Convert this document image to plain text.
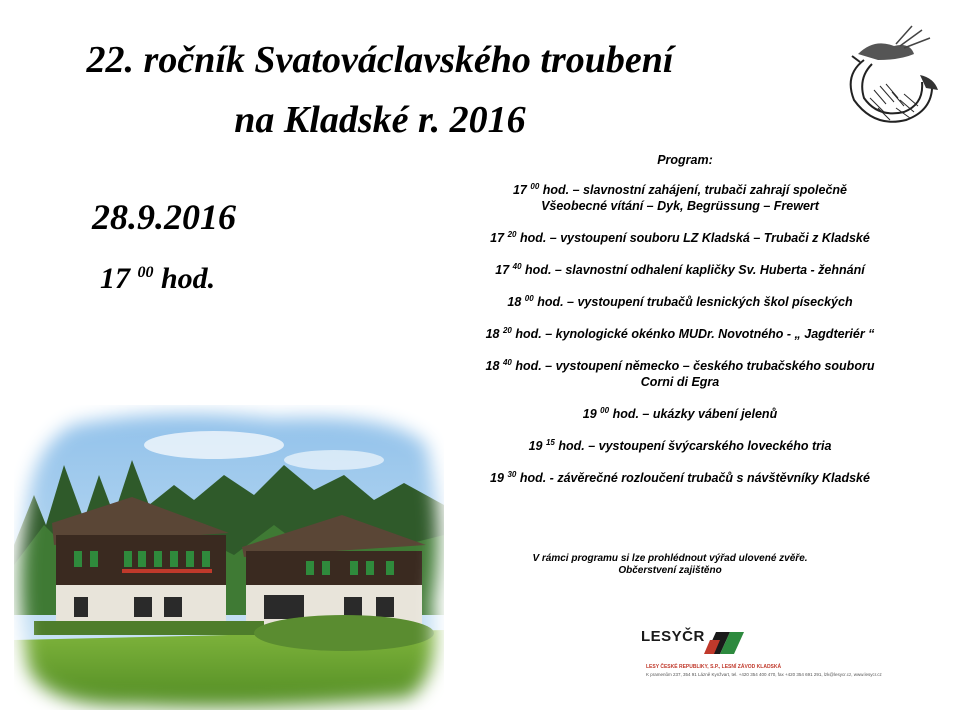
22. ročník Svatováclavského troubení
na Kladské r. 2016
28.9.2016
17 $^{00}$ hod.
Program:
17 $^{00}$ hod. – slavnostní zahájení, trubači zahrají společně
Všeobecné vítání – Dyk, Begrüssung – Frewert
17 $^{20}$ hod. – vystoupení souboru LZ Kladská – Trubači z Kladské
17 $^{40}$ hod. – slavnostní odhalení kapličky Sv. Huberta - žehnání
18 $^{00}$ hod. – vystoupení trubačů lesnických škol píseckých
18 $^{20}$ hod. – kynologické okénko MUDr. Novotného - „ Jagdteriér “
18 $^{40}$ hod. – vystoupení německo – českého trubačského souboru
Corni di Egra
19 $^{00}$ hod. – ukázky vábení jelenů
19 $^{15}$ hod. – vystoupení švýcarského loveckého tria
19 $^{30}$ hod. - závěrečné rozloučení trubačů s návštěvníky Kladské
V rámci programu si lze prohlédnout výřad ulovené zvěře.
Občerstvení zajištěno
LESYČR
LESY ČESKÉ REPUBLIKY, S.P., LESNÍ ZÁVOD KLADSKÁ
K pramenům 237, 354 91 Lázně Kynžvart, tel. +420 354 400 470, fax +420 354 691 291, lzk@lesycr.cz, www.lesycr.cz
